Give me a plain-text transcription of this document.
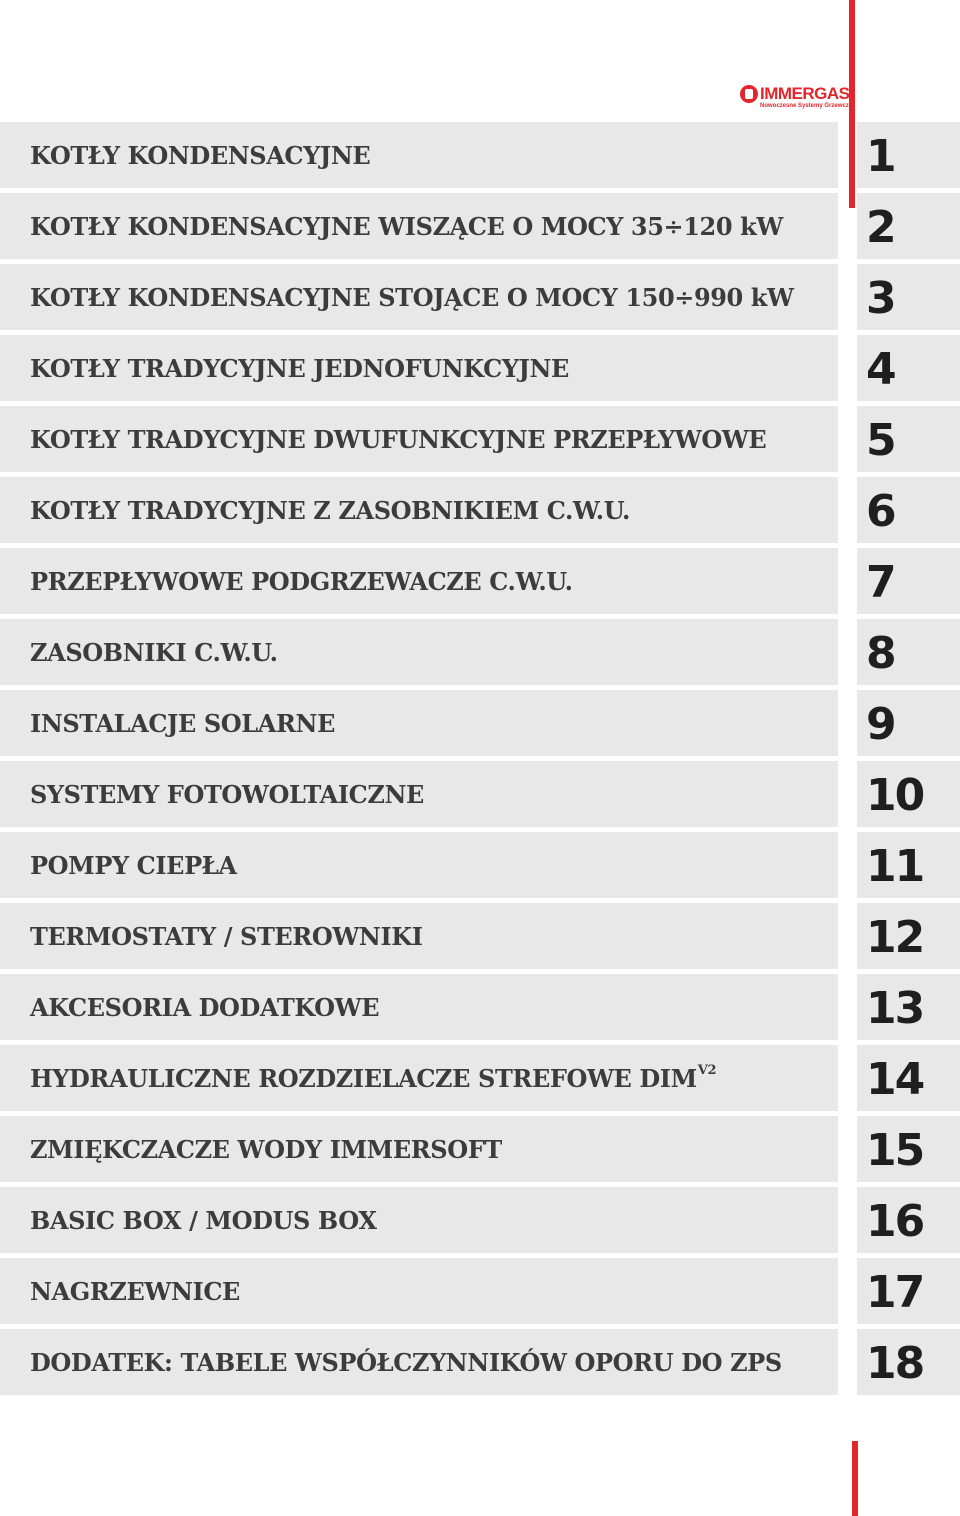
IMMERGAS
Nowoczesne Systemy Grzewcze
KOTŁY KONDENSACYJNE	1
KOTŁY KONDENSACYJNE WISZĄCE O MOCY 35÷120 kW 2
KOTŁY KONDENSACYJNE STOJĄCE O MOCY 150÷990 kW 3
KOTŁY TRADYCYJNE JEDNOFUNKCYJNE	4
KOTŁY TRADYCYJNE DWUFUNKCYJNE PRZEPŁYWOWE 5
KOTŁY TRADYCYJNE Z ZASOBNIKIEM C.W.U.	6
PRZEPŁYWOWE PODGRZEWACZE C.W.U.	7
ZASOBNIKI C.W.U.	8
INSTALACJE SOLARNE	9
SYSTEMY FOTOWOLTAICZNE	10
POMPY CIEPŁA	11
TERMOSTATY / STEROWNIKI	12
AKCESORIA DODATKOWE	13
HYDRAULICZNE ROZDZIELACZE STREFOWE $DIM^{V2}$	14
ZMIĘKCZACZE WODY IMMERSOFT	15
BASIC BOX / MODUS BOX	16
NAGRZEWNICE	17
DODATEK: TABELE WSPÓŁCZYNNIKÓW OPORU DO ZPS 18
